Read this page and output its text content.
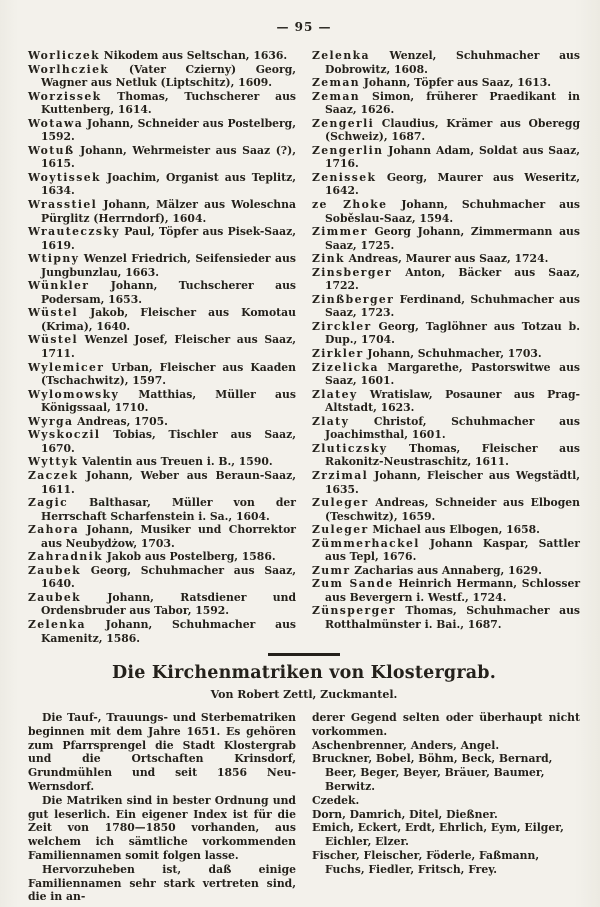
— 95 —

Worliczek Nikodem aus Seltschan, 1636.

Worlhcziek (Vater Czierny) Georg, Wagner aus Netluk (Liptschitz), 1609.

Worzissek Thomas, Tuchscherer aus Kuttenberg, 1614.

Wotawa Johann, Schneider aus Postelberg, 1592.

Wotuß Johann, Wehrmeister aus Saaz (?), 1615.

Woytissek Joachim, Organist aus Teplitz, 1634.

Wrasstiel Johann, Mälzer aus Woleschna Pürglitz (Herrndorf), 1604.

Wrauteczsky Paul, Töpfer aus Pisek-Saaz, 1619.

Wtipny Wenzel Friedrich, Seifensieder aus Jungbunzlau, 1663.

Wünkler Johann, Tuchscherer aus Podersam, 1653.

Wüstel Jakob, Fleischer aus Komotau (Krima), 1640.

Wüstel Wenzel Josef, Fleischer aus Saaz, 1711.

Wylemicer Urban, Fleischer aus Kaaden (Tschachwitz), 1597.

Wylomowsky Matthias, Müller aus Königssaal, 1710.

Wyrga Andreas, 1705.

Wyskoczil Tobias, Tischler aus Saaz, 1670.

Wyttyk Valentin aus Treuen i. B., 1590.

Zaczek Johann, Weber aus Beraun-Saaz, 1611.

Zagic Balthasar, Müller von der Herrschaft Scharfenstein i. Sa., 1604.

Zahora Johann, Musiker und Chorrektor aus Neubydżow, 1703.

Zahradnik Jakob aus Postelberg, 1586.

Zaubek Georg, Schuhmacher aus Saaz, 1640.

Zaubek Johann, Ratsdiener und Ordensbruder aus Tabor, 1592.

Zelenka Johann, Schuhmacher aus Kamenitz, 1586.

Zelenka Wenzel, Schuhmacher aus Dobrowitz, 1608.

Zeman Johann, Töpfer aus Saaz, 1613.

Zeman Simon, früherer Praedikant in Saaz, 1626.

Zengerli Claudius, Krämer aus Oberegg (Schweiz), 1687.

Zengerlin Johann Adam, Soldat aus Saaz, 1716.

Zenissek Georg, Maurer aus Weseritz, 1642.

ze Zhoke Johann, Schuhmacher aus Soběslau-Saaz, 1594.

Zimmer Georg Johann, Zimmermann aus Saaz, 1725.

Zink Andreas, Maurer aus Saaz, 1724.

Zinsberger Anton, Bäcker aus Saaz, 1722.

Zinßberger Ferdinand, Schuhmacher aus Saaz, 1723.

Zirckler Georg, Taglöhner aus Totzau b. Dup., 1704.

Zirkler Johann, Schuhmacher, 1703.

Zizelicka Margarethe, Pastorswitwe aus Saaz, 1601.

Zlatey Wratislaw, Posauner aus Prag-Altstadt, 1623.

Zlaty Christof, Schuhmacher aus Joachimsthal, 1601.

Zluticzsky Thomas, Fleischer aus Rakonitz-Neustraschitz, 1611.

Zrzimal Johann, Fleischer aus Wegstädtl, 1635.

Zuleger Andreas, Schneider aus Elbogen (Teschwitz), 1659.

Zuleger Michael aus Elbogen, 1658.

Zümmerhackel Johann Kaspar, Sattler aus Tepl, 1676.

Zumr Zacharias aus Annaberg, 1629.

Zum Sande Heinrich Hermann, Schlosser aus Bevergern i. Westf., 1724.

Zünsperger Thomas, Schuhmacher aus Rotthalmünster i. Bai., 1687.

Die Kirchenmatriken von Klostergrab.
Von Robert Zettl, Zuckmantel.

Die Tauf-, Trauungs- und Sterbematriken beginnen mit dem Jahre 1651. Es gehören zum Pfarrsprengel die Stadt Klostergrab und die Ortschaften Krinsdorf, Grundmühlen und seit 1856 Neu-Wernsdorf.

Die Matriken sind in bester Ordnung und gut leserlich. Ein eigener Index ist für die Zeit von 1780—1850 vorhanden, aus welchem ich sämtliche vorkommenden Familiennamen somit folgen lasse.

Hervorzuheben ist, daß einige Familiennamen sehr stark vertreten sind, die in an-

derer Gegend selten oder überhaupt nicht vorkommen.

Aschenbrenner, Anders, Angel.

Bruckner, Bobel, Böhm, Beck, Bernard, Beer, Beger, Beyer, Bräuer, Baumer, Berwitz.

Czedek.

Dorn, Damrich, Ditel, Dießner.

Emich, Eckert, Erdt, Ehrlich, Eym, Eilger, Eichler, Elzer.

Fischer, Fleischer, Föderle, Faßmann, Fuchs, Fiedler, Fritsch, Frey.
